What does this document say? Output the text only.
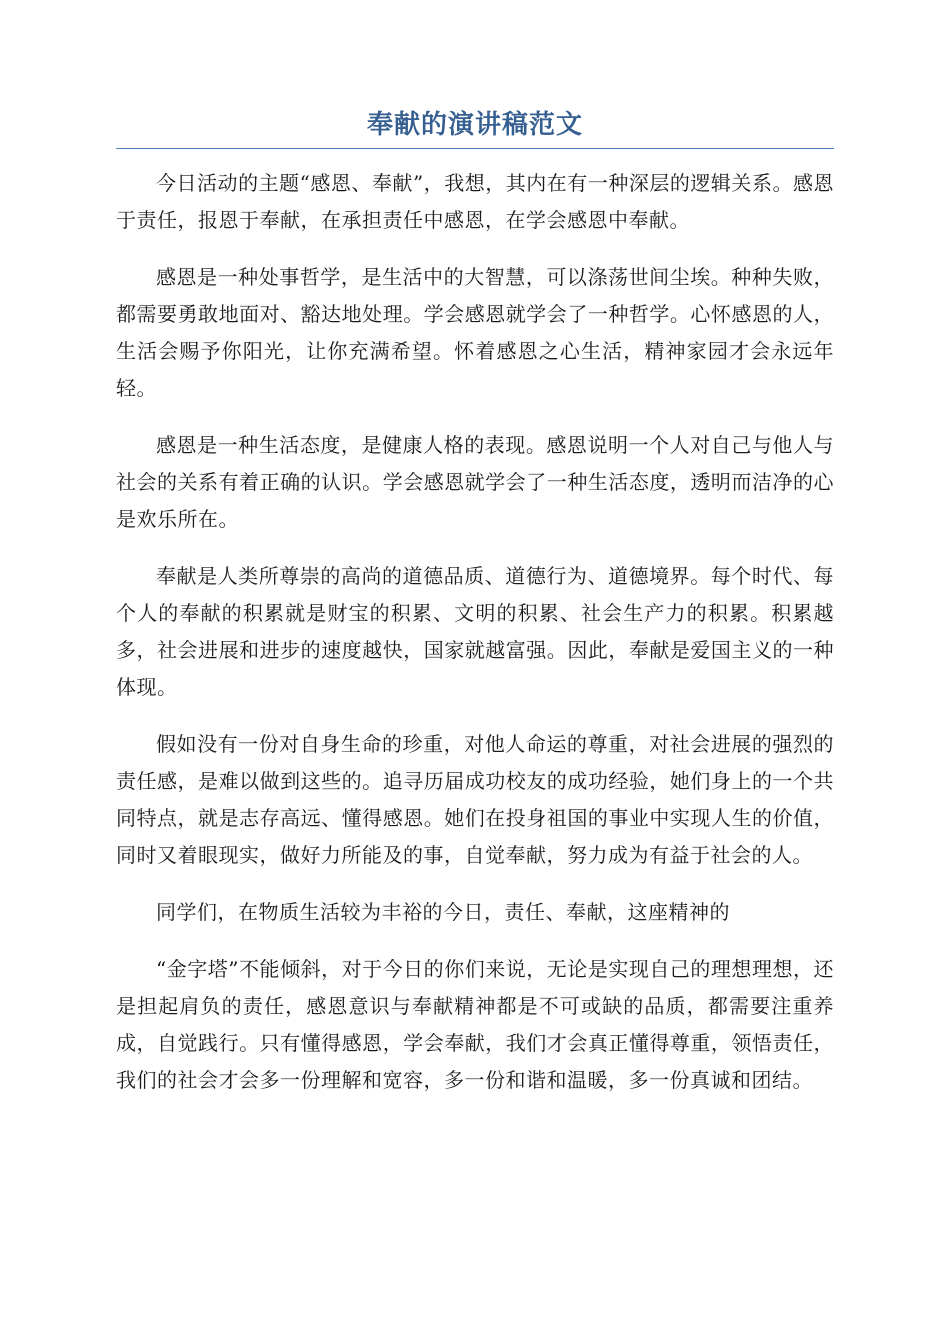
奉献的演讲稿范文

今日活动的主题“感恩、奉献”，我想，其内在有一种深层的逻辑关系。感恩于责任，报恩于奉献，在承担责任中感恩，在学会感恩中奉献。

感恩是一种处事哲学，是生活中的大智慧，可以涤荡世间尘埃。种种失败，都需要勇敢地面对、豁达地处理。学会感恩就学会了一种哲学。心怀感恩的人，生活会赐予你阳光，让你充满希望。怀着感恩之心生活，精神家园才会永远年轻。

感恩是一种生活态度，是健康人格的表现。感恩说明一个人对自己与他人与社会的关系有着正确的认识。学会感恩就学会了一种生活态度，透明而洁净的心是欢乐所在。

奉献是人类所尊崇的高尚的道德品质、道德行为、道德境界。每个时代、每个人的奉献的积累就是财宝的积累、文明的积累、社会生产力的积累。积累越多，社会进展和进步的速度越快，国家就越富强。因此，奉献是爱国主义的一种体现。

假如没有一份对自身生命的珍重，对他人命运的尊重，对社会进展的强烈的责任感，是难以做到这些的。追寻历届成功校友的成功经验，她们身上的一个共同特点，就是志存高远、懂得感恩。她们在投身祖国的事业中实现人生的价值，同时又着眼现实，做好力所能及的事，自觉奉献，努力成为有益于社会的人。

同学们，在物质生活较为丰裕的今日，责任、奉献，这座精神的

“金字塔”不能倾斜，对于今日的你们来说，无论是实现自己的理想理想，还是担起肩负的责任，感恩意识与奉献精神都是不可或缺的品质，都需要注重养成，自觉践行。只有懂得感恩，学会奉献，我们才会真正懂得尊重，领悟责任，我们的社会才会多一份理解和宽容，多一份和谐和温暖，多一份真诚和团结。
